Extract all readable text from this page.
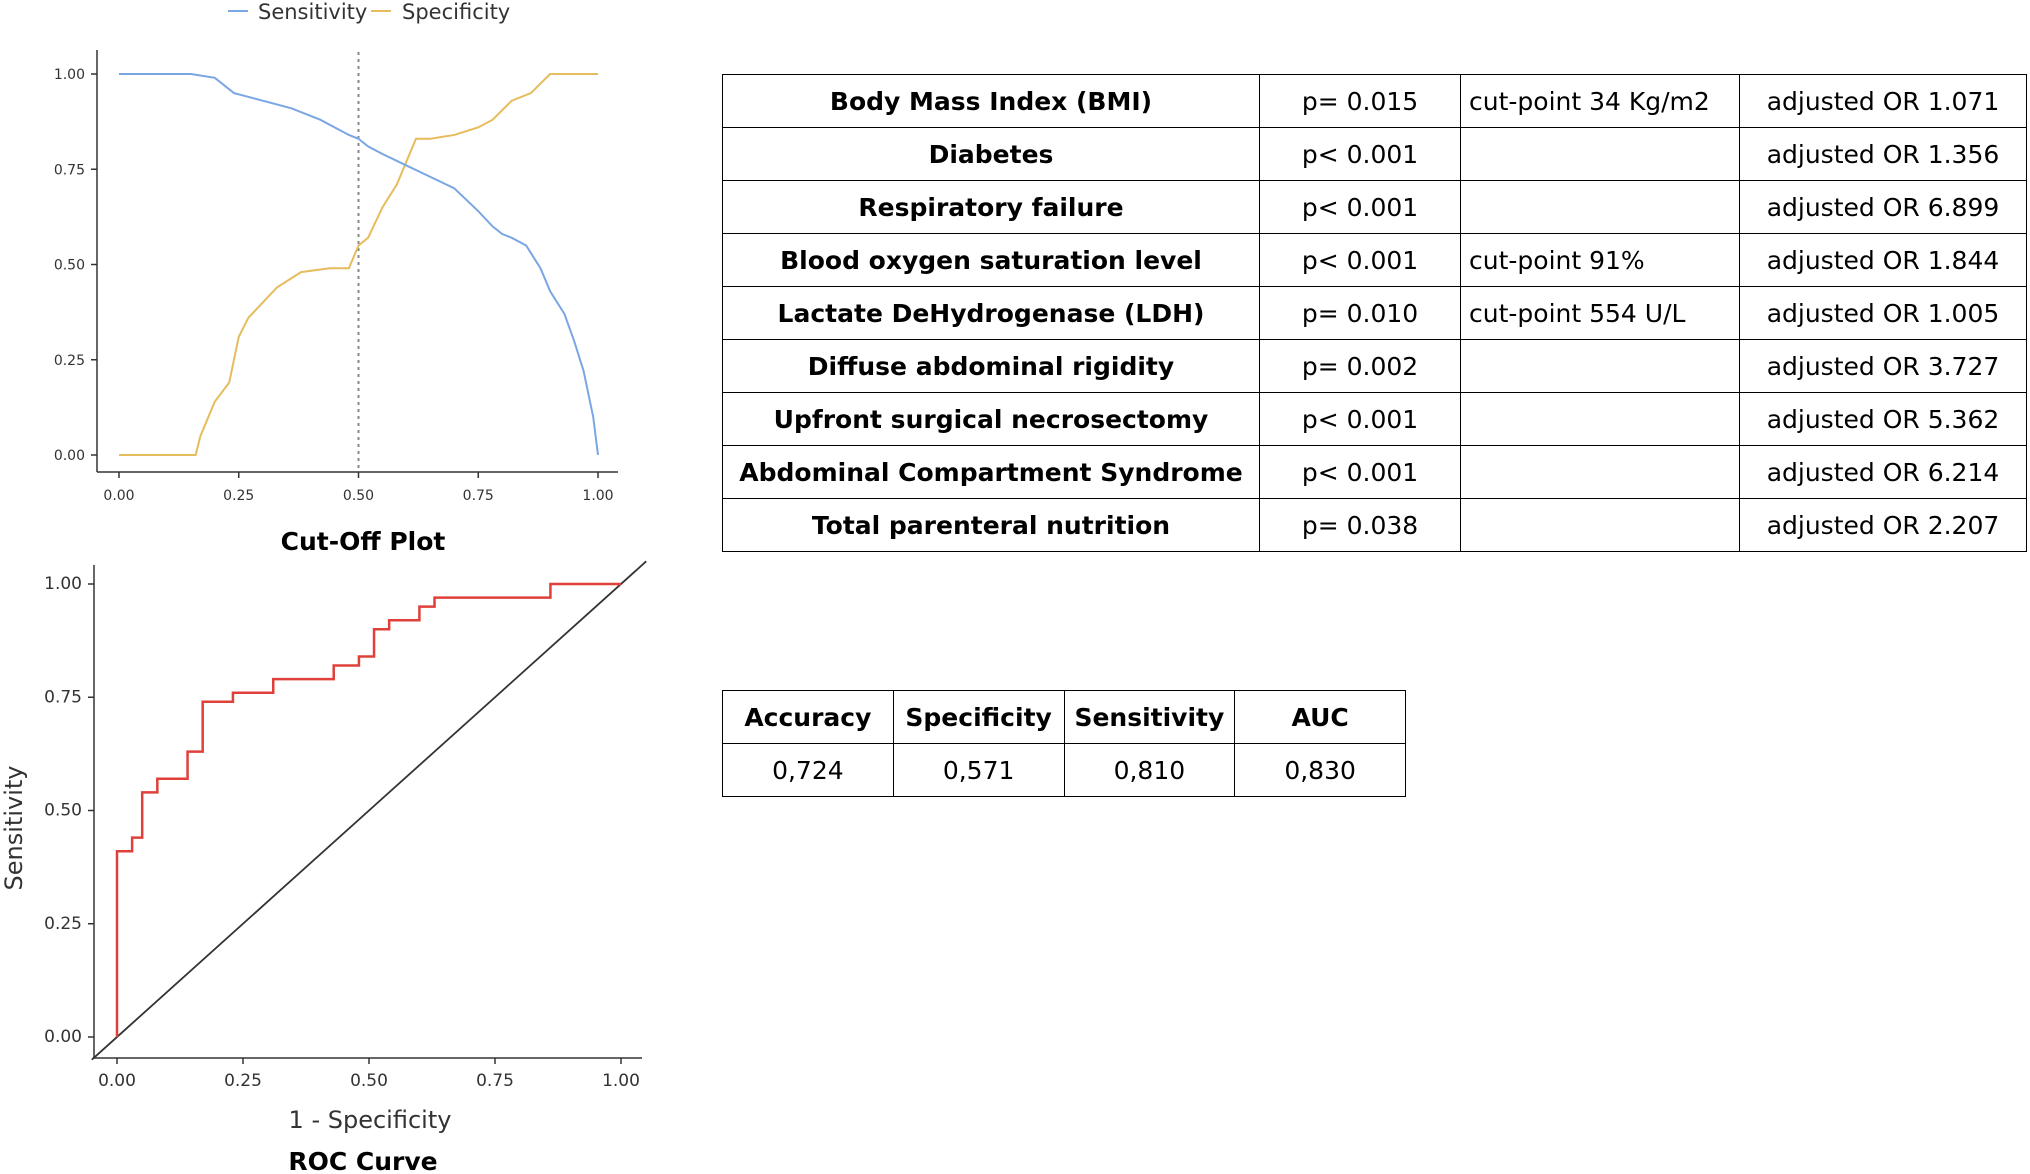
Sensitivity Specificity
0.00
0.00
0.25
0.25
0.50
0.50
0.75
0.75
1.00
1.00
Cut-Off Plot
0.00
0.00
0.25
0.25
0.50
0.50
0.75
0.75
1.00
1.00
1 - Specificity
Sensitivity
ROC Curve
Body Mass Index (BMI)	p= 0.015	cut-point 34 Kg/m2	adjusted OR 1.071
Diabetes	p< 0.001		adjusted OR 1.356
Respiratory failure	p< 0.001		adjusted OR 6.899
Blood oxygen saturation level	p< 0.001	cut-point 91%	adjusted OR 1.844
Lactate DeHydrogenase (LDH)	p= 0.010	cut-point 554 U/L	adjusted OR 1.005
Diffuse abdominal rigidity	p= 0.002		adjusted OR 3.727
Upfront surgical necrosectomy	p< 0.001		adjusted OR 5.362
Abdominal Compartment Syndrome	p< 0.001		adjusted OR 6.214
Total parenteral nutrition	p= 0.038		adjusted OR 2.207
Accuracy	Specificity	Sensitivity	AUC
0,724	0,571	0,810	0,830
